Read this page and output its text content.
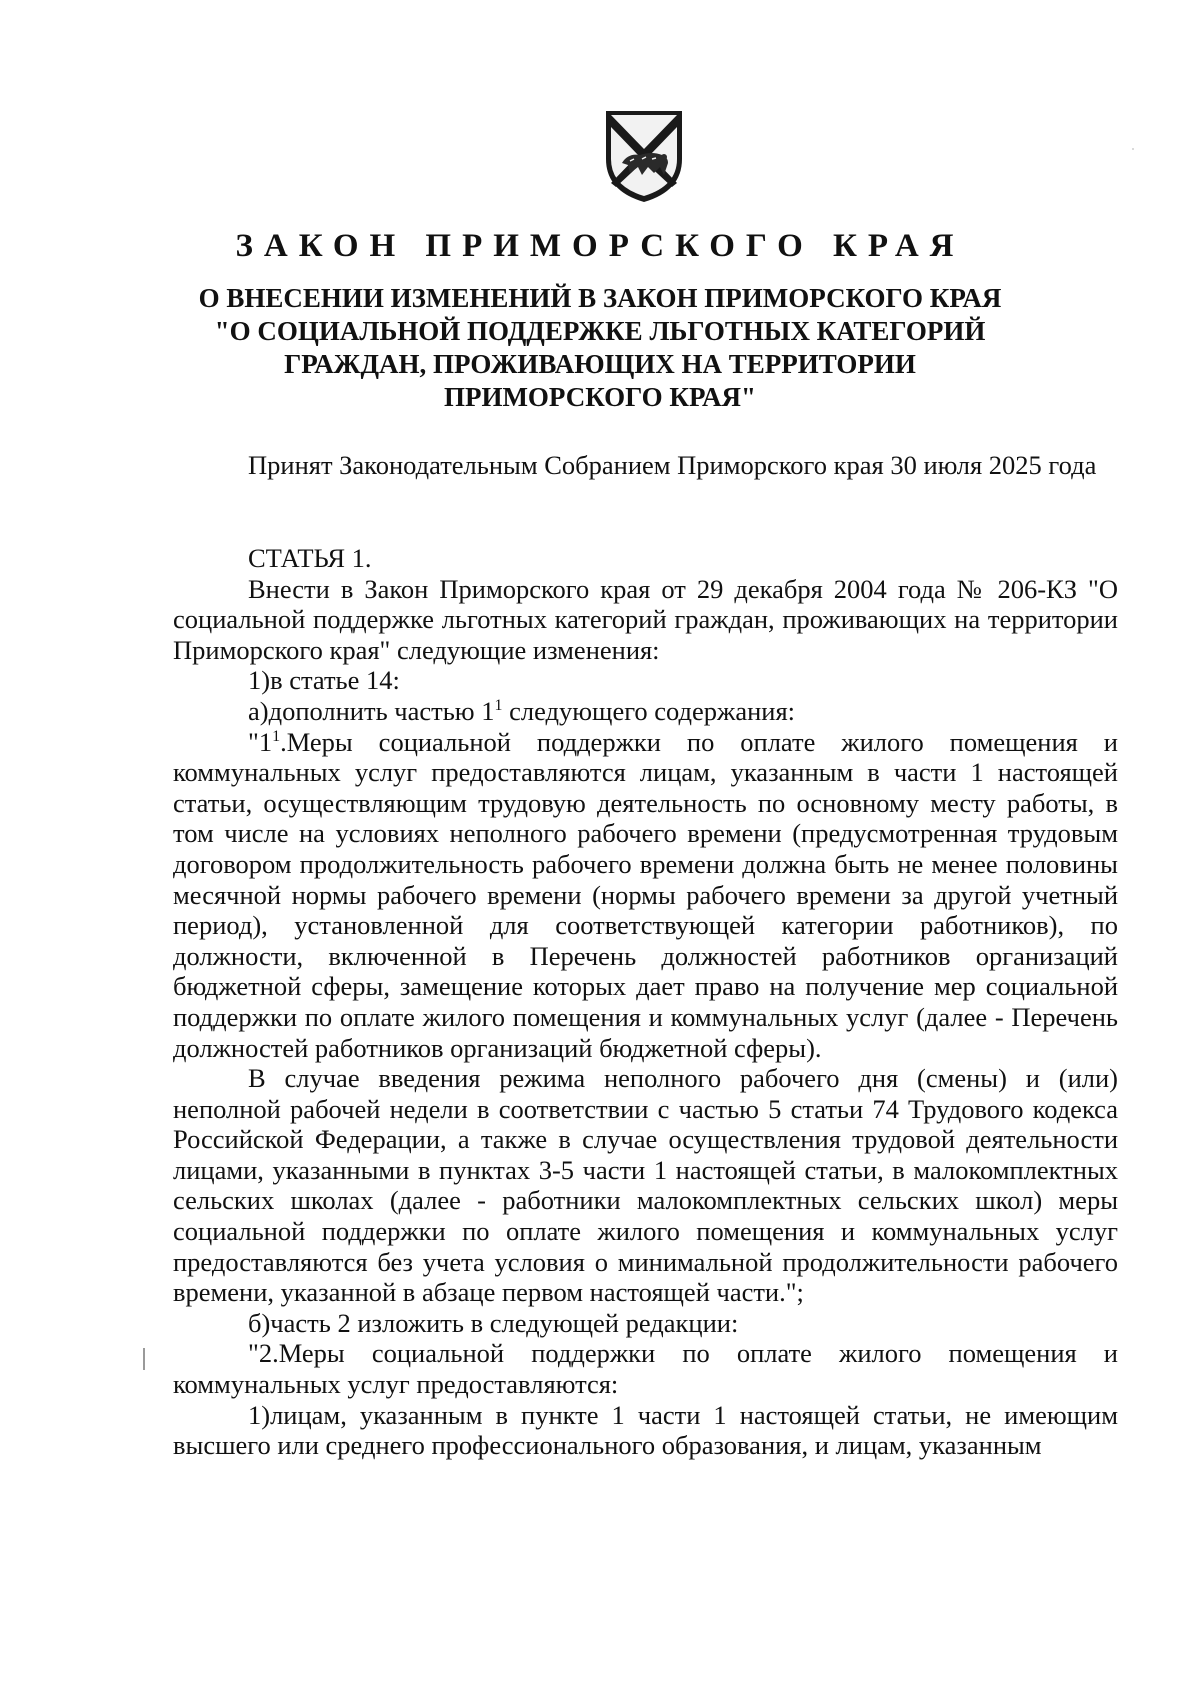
ЗАКОН ПРИМОРСКОГО КРАЯ
О ВНЕСЕНИИ ИЗМЕНЕНИЙ В ЗАКОН ПРИМОРСКОГО КРАЯ
"О СОЦИАЛЬНОЙ ПОДДЕРЖКЕ ЛЬГОТНЫХ КАТЕГОРИЙ
ГРАЖДАН, ПРОЖИВАЮЩИХ НА ТЕРРИТОРИИ
ПРИМОРСКОГО КРАЯ"

Принят Законодательным Собранием Приморского края 30 июля 2025 года

СТАТЬЯ 1.

Внести в Закон Приморского края от 29 декабря 2004 года № 206-КЗ "О социальной поддержке льготных категорий граждан, проживающих на территории Приморского края" следующие изменения:

1)в статье 14:

а)дополнить частью $1^1$ следующего содержания:

"$1^1.Меры$ социальной поддержки по оплате жилого помещения и коммунальных услуг предоставляются лицам, указанным в части 1 настоящей статьи, осуществляющим трудовую деятельность по основному месту работы, в том числе на условиях неполного рабочего времени (предусмотренная трудовым договором продолжительность рабочего времени должна быть не менее половины месячной нормы рабочего времени (нормы рабочего времени за другой учетный период), установленной для соответствующей категории работников), по должности, включенной в Перечень должностей работников организаций бюджетной сферы, замещение которых дает право на получение мер социальной поддержки по оплате жилого помещения и коммунальных услуг (далее - Перечень должностей работников организаций бюджетной сферы).

В случае введения режима неполного рабочего дня (смены) и (или) неполной рабочей недели в соответствии с частью 5 статьи 74 Трудового кодекса Российской Федерации, а также в случае осуществления трудовой деятельности лицами, указанными в пунктах 3-5 части 1 настоящей статьи, в малокомплектных сельских школах (далее - работники малокомплектных сельских школ) меры социальной поддержки по оплате жилого помещения и коммунальных услуг предоставляются без учета условия о минимальной продолжительности рабочего времени, указанной в абзаце первом настоящей части.";

б)часть 2 изложить в следующей редакции:

"2.Меры социальной поддержки по оплате жилого помещения и коммунальных услуг предоставляются:

1)лицам, указанным в пункте 1 части 1 настоящей статьи, не имеющим высшего или среднего профессионального образования, и лицам, указанным
